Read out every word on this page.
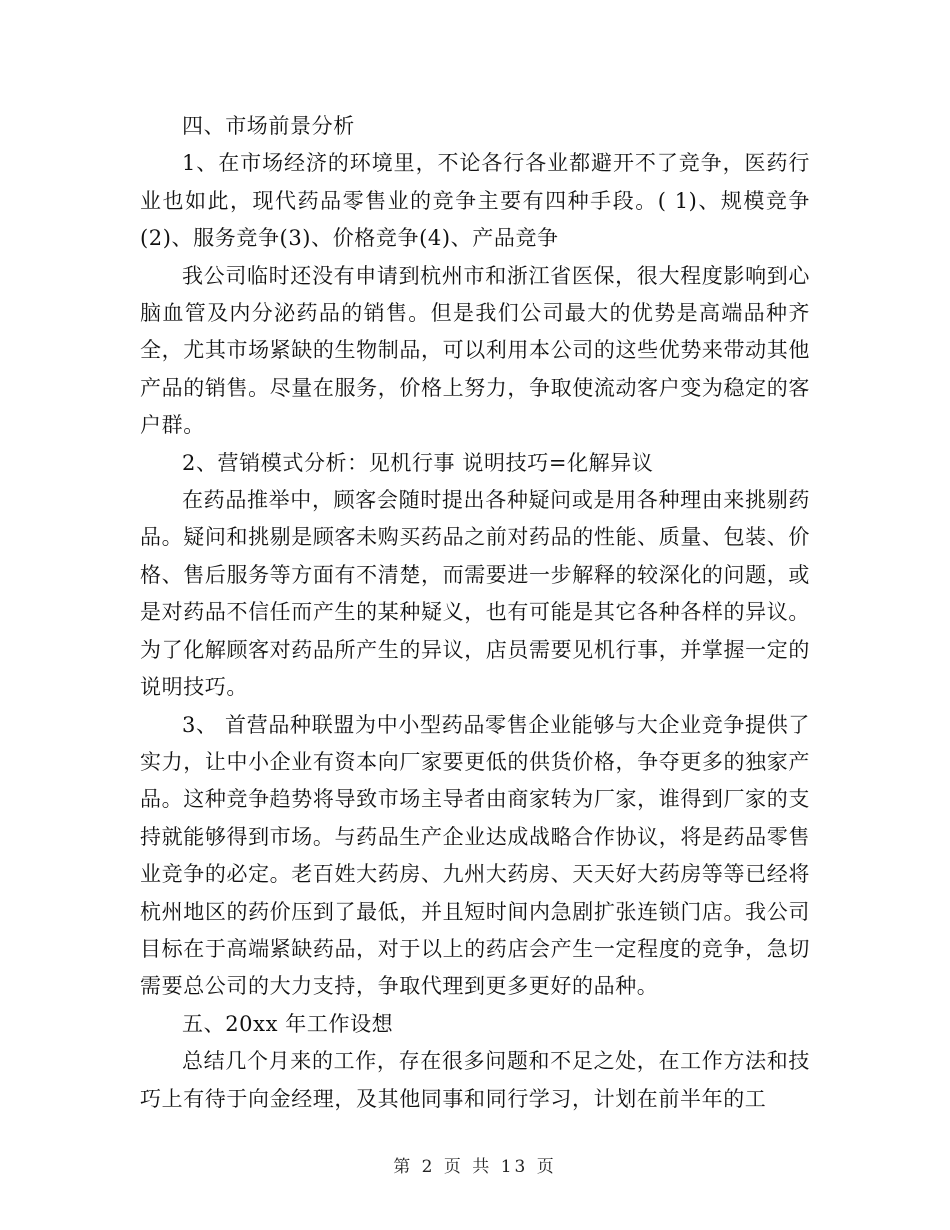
四、市场前景分析

1、在市场经济的环境里，不论各行各业都避开不了竞争，医药行业也如此，现代药品零售业的竞争主要有四种手段。( 1)、规模竞争(2)、服务竞争(3)、价格竞争(4)、产品竞争

我公司临时还没有申请到杭州市和浙江省医保，很大程度影响到心脑血管及内分泌药品的销售。但是我们公司最大的优势是高端品种齐全，尤其市场紧缺的生物制品，可以利用本公司的这些优势来带动其他产品的销售。尽量在服务，价格上努力，争取使流动客户变为稳定的客户群。

2、营销模式分析：见机行事 说明技巧=化解异议

在药品推举中，顾客会随时提出各种疑问或是用各种理由来挑剔药品。疑问和挑剔是顾客未购买药品之前对药品的性能、质量、包装、价格、售后服务等方面有不清楚，而需要进一步解释的较深化的问题，或是对药品不信任而产生的某种疑义，也有可能是其它各种各样的异议。为了化解顾客对药品所产生的异议，店员需要见机行事，并掌握一定的说明技巧。

3、 首营品种联盟为中小型药品零售企业能够与大企业竞争提供了实力，让中小企业有资本向厂家要更低的供货价格，争夺更多的独家产品。这种竞争趋势将导致市场主导者由商家转为厂家，谁得到厂家的支持就能够得到市场。与药品生产企业达成战略合作协议，将是药品零售业竞争的必定。老百姓大药房、九州大药房、天天好大药房等等已经将杭州地区的药价压到了最低，并且短时间内急剧扩张连锁门店。我公司目标在于高端紧缺药品，对于以上的药店会产生一定程度的竞争，急切需要总公司的大力支持，争取代理到更多更好的品种。

五、20xx 年工作设想

总结几个月来的工作，存在很多问题和不足之处，在工作方法和技巧上有待于向金经理，及其他同事和同行学习，计划在前半年的工

第 2 页 共 13 页
